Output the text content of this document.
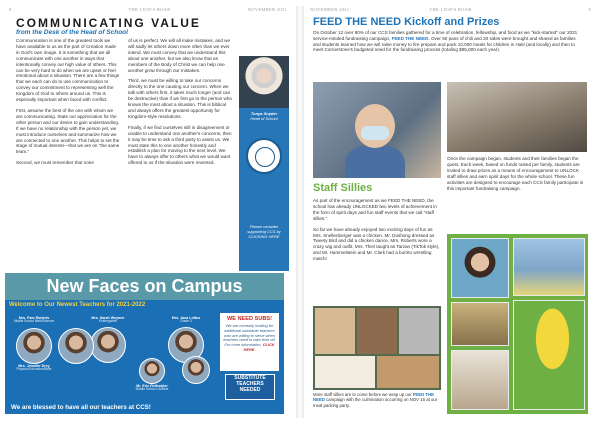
8	THE LION'S ROAR	NOVEMBER 2021
COMMUNICATING VALUE
from the Desk of the Head of School

Communication is one of the greatest tools we have available to us as the part of Creation made in God's own image. It is something that we all communicate with one another in ways that intentionally convey our high value of others. This can be very hard to do when we are upset or feel emotional about a situation. There are a few things that we each can do to use communication to convey our commitment to representing well the Kingdom of God to others around us. This is especially important when faced with conflict.

First, assume the best of the one with whom we are communicating. State our appreciation for the other person and our desire to gain understanding. If we have no relationship with the person yet, we must introduce ourselves and summarize how we are connected to one another. This helps to set the stage of mutual interest—that we are on "the same team."

Second, we must remember that none

of us is perfect. We will all make mistakes, and we will sadly let others down more often than we ever intend. We must convey that we understand this about one another, but we also know that as members of the Body of Christ we can help one another grow through our mistakes.

Third, we must be willing to take our concerns directly to the one causing our concern. When we talk with others first, it takes much longer (and can be destructive) than if we first go to the person who knows the most about a situation. This is biblical and always offers the greatest opportunity for Kingdom-style resolutions.

Finally, if we find ourselves still in disagreement or unable to understand one another's concerns, then it may be time to ask a third party to assist us. We must state this to one another honestly and establish a plan for moving to the next level. We have to always offer to others what we would want offered to us if the situation were reversed.

Tonya Snyder
Head of School
Please consider supporting CCS by CLICKING HERE
New Faces on Campus
Welcome to Our Newest Teachers for 2021-2022
Mrs. Pam Roberts
Middle School Math/Science
Mrs. Sarah Weymer
Kindergarten
Mrs. Jana Loftus
Grade 3
Mrs. Jennifer Drey
Physical Education/Bible
Mr. Eric Reifsnider
Middle School LA/Bible
WE NEED SUBS!
We are currently looking for additional substitute teachers who are willing to serve when teachers need to take time off. For more information, CLICK HERE.
SUBSTITUTE TEACHERS NEEDED
We are blessed to have all our teachers at CCS!
NOVEMBER 2021	THE LION'S ROAR	9
FEED THE NEED Kickoff and Prizes
On October 12 over 80% of our CCS families gathered for a time of celebration, fellowship, and food as we "kick-started" our 2021 service-minded fundraising campaign, FEED THE NEED. Over 50 pans of chili and 20 sides were brought and shared as families and students learned how we will raise money to fire prepare and pack 10,000 meals for children in Haiti (and locally) and then to meet Cornerstone's budgeted need for the fundraising process (totaling $95,000 each year).
Once the campaign began, students and their families began the quest. Each week, based on funds raised per family, students are invited to draw prizes as a means of encouragement to UNLOCK staff sillies and earn spirit days for the whole school. These fun activities are designed to encourage each CCS family participate in this important fundraising campaign.
Staff Sillies

As part of the encouragement as we FEED THE NEED, the school has already UNLOCKED two levels of achievement in the form of spirit days and fun staff events that we call "staff sillies."

So far we have already enjoyed two exciting days of fun as Mrs. Snellenberger was a chicken, Mr. Dushong dressed as Tweety Bird and did a chicken dance, Mrs. Roberts wore a crazy wig and outfit, Mrs. Thiel taught as Tarzan (TikTok style), and Mr. Hammelstein and Mr. Clark had a burrito wrestling match!

More staff sillies are to come before we wrap up our FEED THE NEED campaign with the culmination occurring on NOV 16 at our meal packing party.
